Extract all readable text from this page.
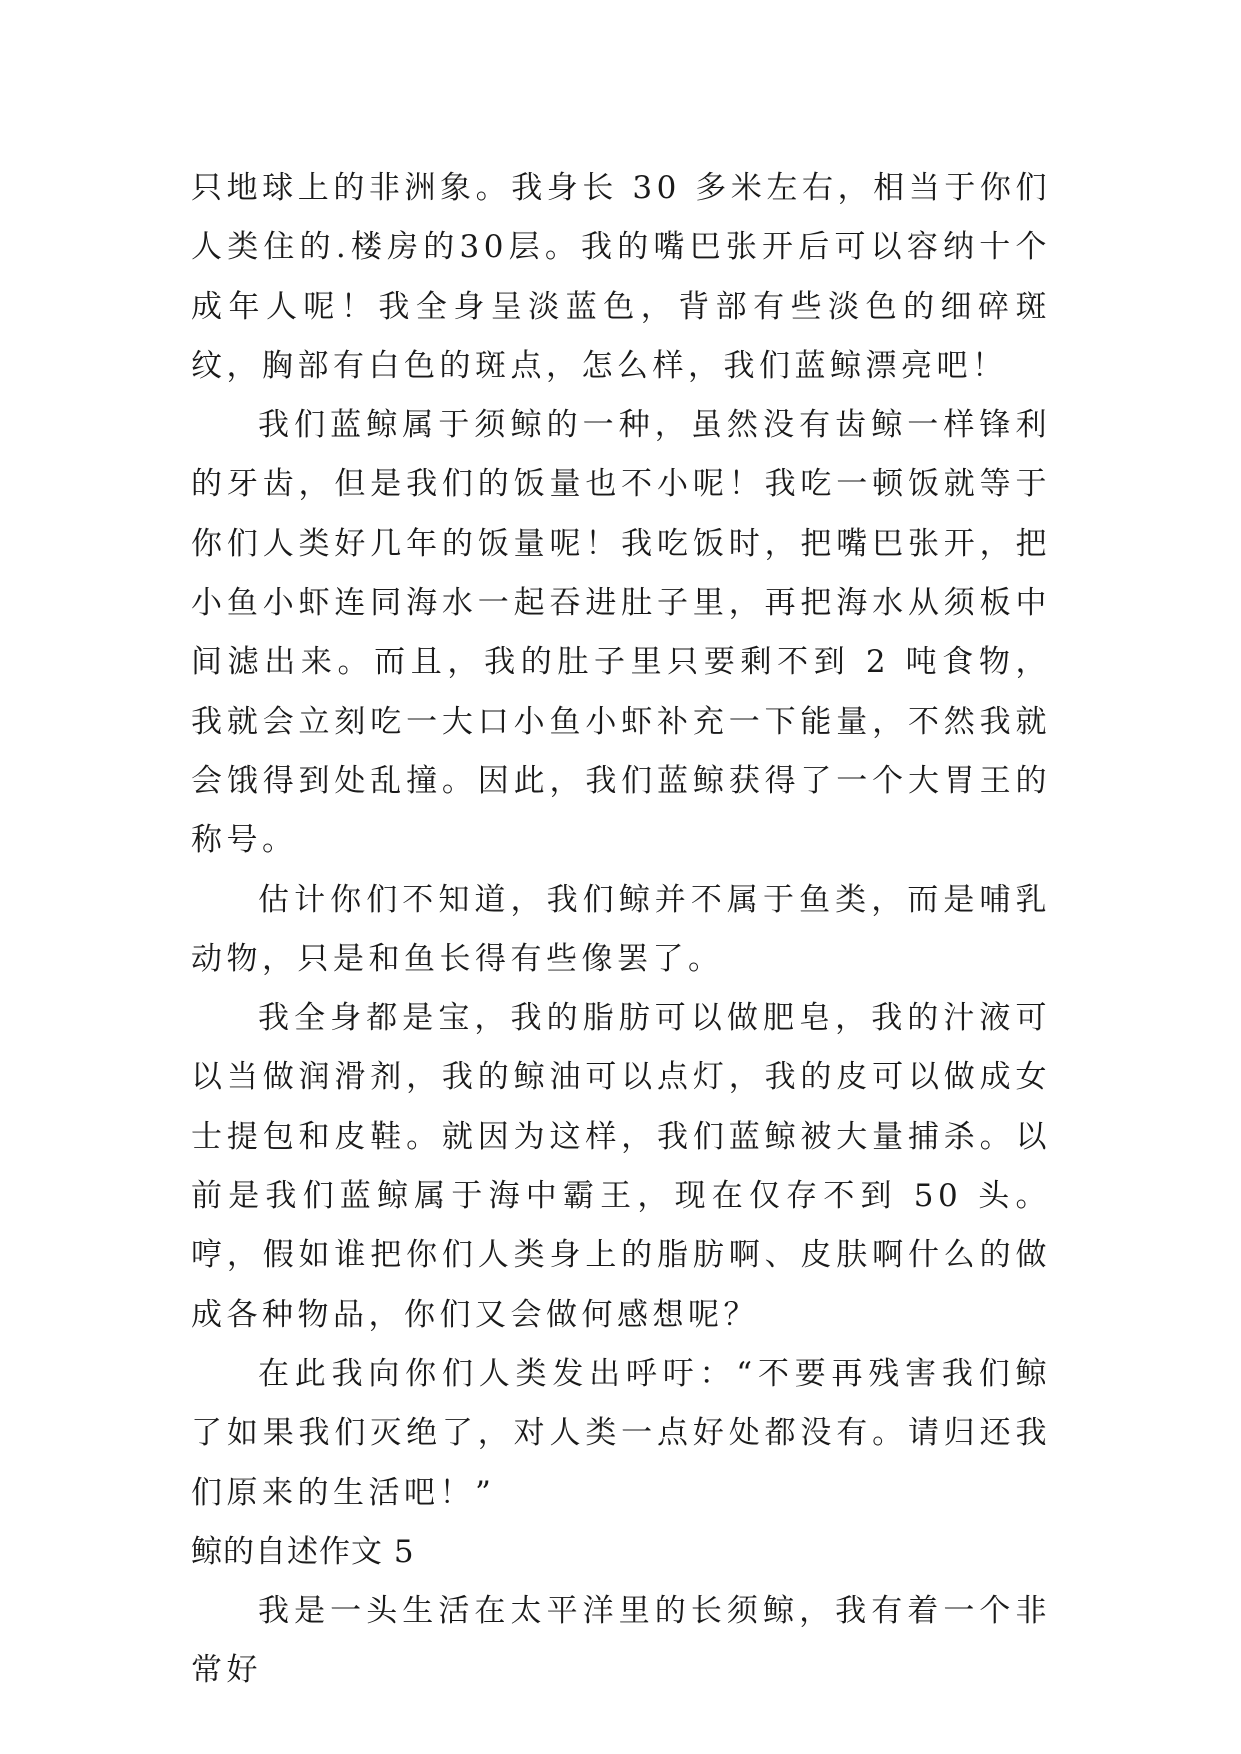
只地球上的非洲象。我身长 30 多米左右，相当于你们人类住的.楼房的30层。我的嘴巴张开后可以容纳十个成年人呢！我全身呈淡蓝色，背部有些淡色的细碎斑纹，胸部有白色的斑点，怎么样，我们蓝鲸漂亮吧！

我们蓝鲸属于须鲸的一种，虽然没有齿鲸一样锋利的牙齿，但是我们的饭量也不小呢！我吃一顿饭就等于你们人类好几年的饭量呢！我吃饭时，把嘴巴张开，把小鱼小虾连同海水一起吞进肚子里，再把海水从须板中间滤出来。而且，我的肚子里只要剩不到 2 吨食物，我就会立刻吃一大口小鱼小虾补充一下能量，不然我就会饿得到处乱撞。因此，我们蓝鲸获得了一个大胃王的称号。

估计你们不知道，我们鲸并不属于鱼类，而是哺乳动物，只是和鱼长得有些像罢了。

我全身都是宝，我的脂肪可以做肥皂，我的汁液可以当做润滑剂，我的鲸油可以点灯，我的皮可以做成女士提包和皮鞋。就因为这样，我们蓝鲸被大量捕杀。以前是我们蓝鲸属于海中霸王，现在仅存不到 50 头。哼，假如谁把你们人类身上的脂肪啊、皮肤啊什么的做成各种物品，你们又会做何感想呢？

在此我向你们人类发出呼吁：“不要再残害我们鲸了如果我们灭绝了，对人类一点好处都没有。请归还我们原来的生活吧！”

鲸的自述作文 5

我是一头生活在太平洋里的长须鲸，我有着一个非常好
